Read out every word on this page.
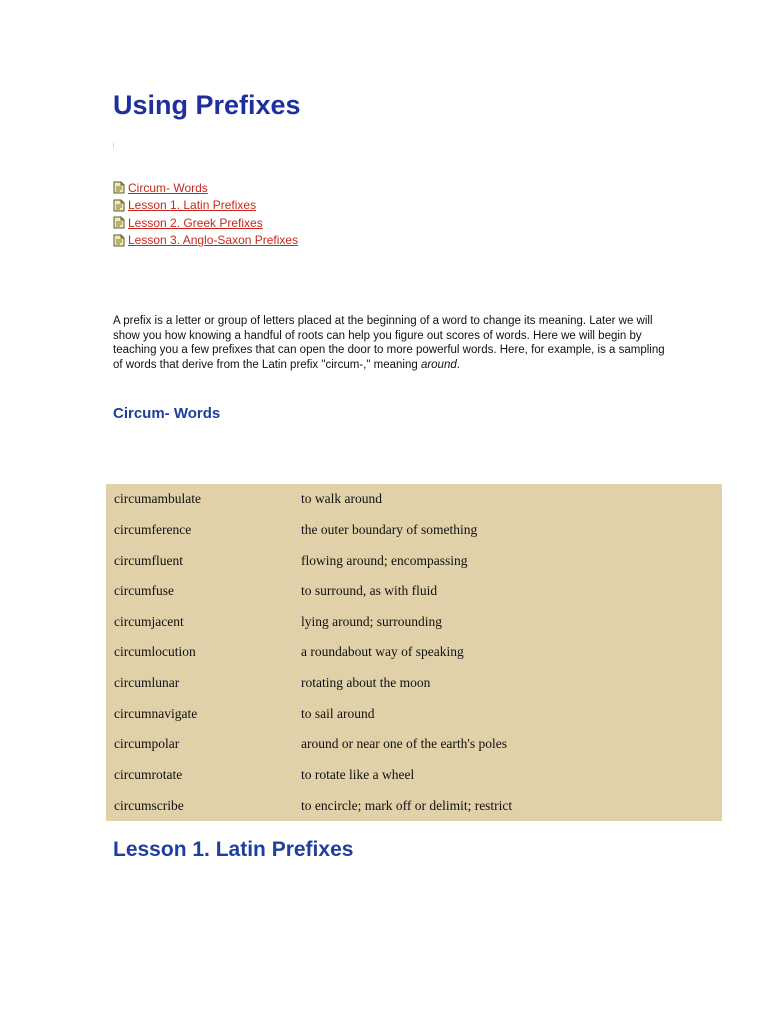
Using Prefixes
Circum- Words
Lesson 1. Latin Prefixes
Lesson 2. Greek Prefixes
Lesson 3. Anglo-Saxon Prefixes

A prefix is a letter or group of letters placed at the beginning of a word to change its meaning. Later we will show you how knowing a handful of roots can help you figure out scores of words. Here we will begin by teaching you a few prefixes that can open the door to more powerful words. Here, for example, is a sampling of words that derive from the Latin prefix "circum-," meaning around.

Circum- Words
circumambulate	to walk around
circumference	the outer boundary of something
circumfluent	flowing around; encompassing
circumfuse	to surround, as with fluid
circumjacent	lying around; surrounding
circumlocution	a roundabout way of speaking
circumlunar	rotating about the moon
circumnavigate	to sail around
circumpolar	around or near one of the earth's poles
circumrotate	to rotate like a wheel
circumscribe	to encircle; mark off or delimit; restrict
Lesson 1. Latin Prefixes
